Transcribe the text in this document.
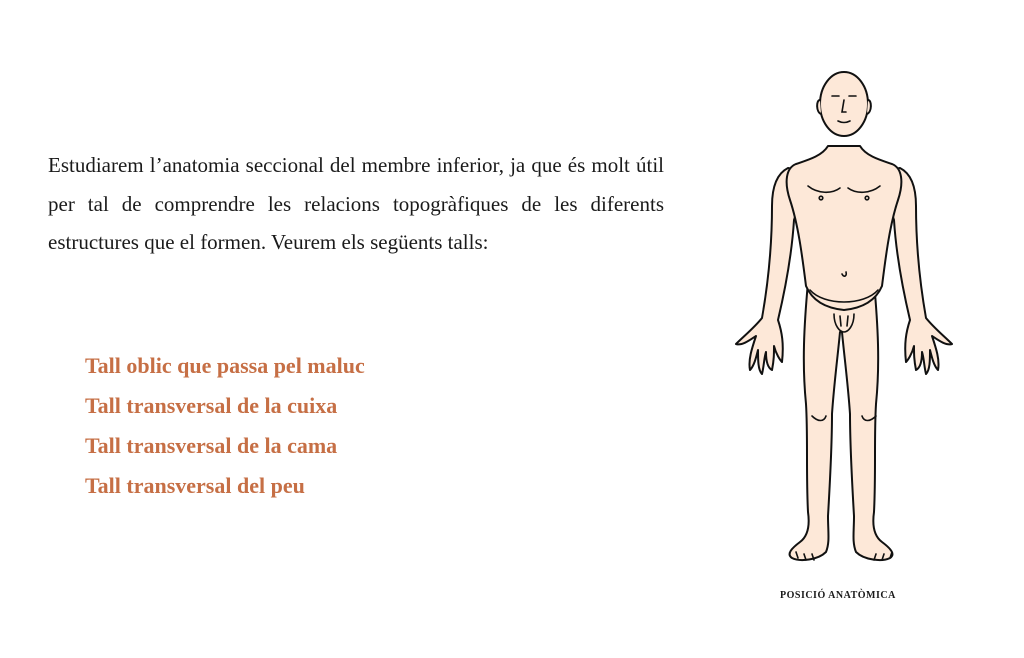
Estudiarem l’anatomia seccional del membre inferior, ja que és molt útil per tal de comprendre les relacions topogràfiques de les diferents estructures que el formen. Veurem els següents talls:

Tall oblic que passa pel maluc
Tall transversal de la cuixa
Tall transversal de la cama
Tall transversal del peu

POSICIÓ ANATÒMICA
